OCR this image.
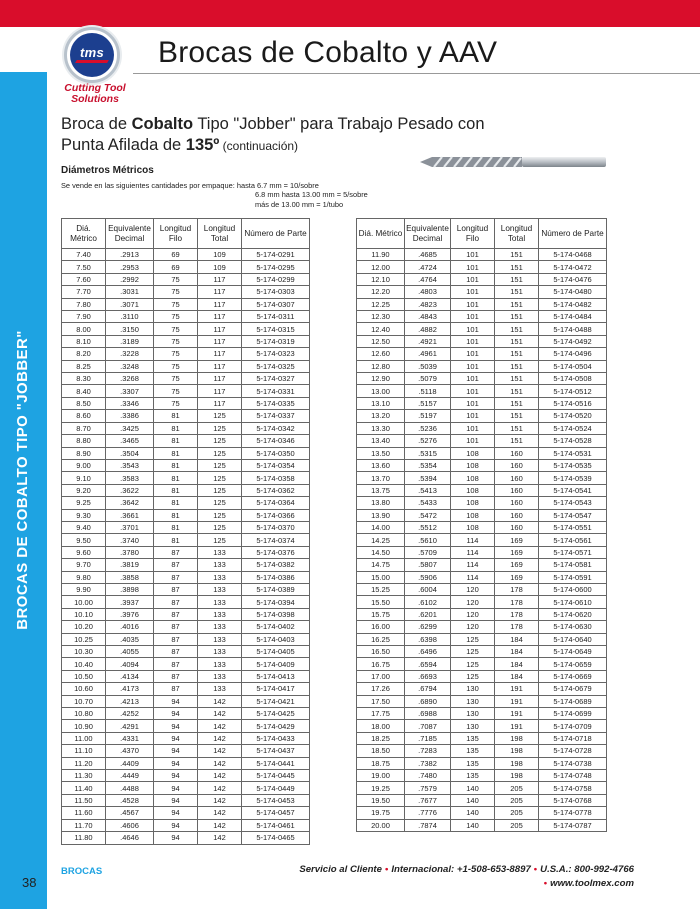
BROCAS DE COBALTO TIPO "JOBBER"
tms
Cutting Tool Solutions
Brocas de Cobalto y AAV
Broca de Cobalto Tipo "Jobber" para Trabajo Pesado con Punta Afilada de 135º (continuación)
Diámetros Métricos
Se vende en las siguientes cantidades por empaque: hasta 6.7 mm = 10/sobre
6.8 mm hasta 13.00 mm = 5/sobre
más de 13.00 mm = 1/tubo
Diá. Métrico	Equivalente Decimal	Longitud Filo	Longitud Total	Número de Parte
7.40	.2913	69	109	5-174-0291
7.50	.2953	69	109	5-174-0295
7.60	.2992	75	117	5-174-0299
7.70	.3031	75	117	5-174-0303
7.80	.3071	75	117	5-174-0307
7.90	.3110	75	117	5-174-0311
8.00	.3150	75	117	5-174-0315
8.10	.3189	75	117	5-174-0319
8.20	.3228	75	117	5-174-0323
8.25	.3248	75	117	5-174-0325
8.30	.3268	75	117	5-174-0327
8.40	.3307	75	117	5-174-0331
8.50	.3346	75	117	5-174-0335
8.60	.3386	81	125	5-174-0337
8.70	.3425	81	125	5-174-0342
8.80	.3465	81	125	5-174-0346
8.90	.3504	81	125	5-174-0350
9.00	.3543	81	125	5-174-0354
9.10	.3583	81	125	5-174-0358
9.20	.3622	81	125	5-174-0362
9.25	.3642	81	125	5-174-0364
9.30	.3661	81	125	5-174-0366
9.40	.3701	81	125	5-174-0370
9.50	.3740	81	125	5-174-0374
9.60	.3780	87	133	5-174-0376
9.70	.3819	87	133	5-174-0382
9.80	.3858	87	133	5-174-0386
9.90	.3898	87	133	5-174-0389
10.00	.3937	87	133	5-174-0394
10.10	.3976	87	133	5-174-0398
10.20	.4016	87	133	5-174-0402
10.25	.4035	87	133	5-174-0403
10.30	.4055	87	133	5-174-0405
10.40	.4094	87	133	5-174-0409
10.50	.4134	87	133	5-174-0413
10.60	.4173	87	133	5-174-0417
10.70	.4213	94	142	5-174-0421
10.80	.4252	94	142	5-174-0425
10.90	.4291	94	142	5-174-0429
11.00	.4331	94	142	5-174-0433
11.10	.4370	94	142	5-174-0437
11.20	.4409	94	142	5-174-0441
11.30	.4449	94	142	5-174-0445
11.40	.4488	94	142	5-174-0449
11.50	.4528	94	142	5-174-0453
11.60	.4567	94	142	5-174-0457
11.70	.4606	94	142	5-174-0461
11.80	.4646	94	142	5-174-0465
Diá. Métrico	Equivalente Decimal	Longitud Filo	Longitud Total	Número de Parte
11.90	.4685	101	151	5-174-0468
12.00	.4724	101	151	5-174-0472
12.10	.4764	101	151	5-174-0476
12.20	.4803	101	151	5-174-0480
12.25	.4823	101	151	5-174-0482
12.30	.4843	101	151	5-174-0484
12.40	.4882	101	151	5-174-0488
12.50	.4921	101	151	5-174-0492
12.60	.4961	101	151	5-174-0496
12.80	.5039	101	151	5-174-0504
12.90	.5079	101	151	5-174-0508
13.00	.5118	101	151	5-174-0512
13.10	.5157	101	151	5-174-0516
13.20	.5197	101	151	5-174-0520
13.30	.5236	101	151	5-174-0524
13.40	.5276	101	151	5-174-0528
13.50	.5315	108	160	5-174-0531
13.60	.5354	108	160	5-174-0535
13.70	.5394	108	160	5-174-0539
13.75	.5413	108	160	5-174-0541
13.80	.5433	108	160	5-174-0543
13.90	.5472	108	160	5-174-0547
14.00	.5512	108	160	5-174-0551
14.25	.5610	114	169	5-174-0561
14.50	.5709	114	169	5-174-0571
14.75	.5807	114	169	5-174-0581
15.00	.5906	114	169	5-174-0591
15.25	.6004	120	178	5-174-0600
15.50	.6102	120	178	5-174-0610
15.75	.6201	120	178	5-174-0620
16.00	.6299	120	178	5-174-0630
16.25	.6398	125	184	5-174-0640
16.50	.6496	125	184	5-174-0649
16.75	.6594	125	184	5-174-0659
17.00	.6693	125	184	5-174-0669
17.26	.6794	130	191	5-174-0679
17.50	.6890	130	191	5-174-0689
17.75	.6988	130	191	5-174-0699
18.00	.7087	130	191	5-174-0709
18.25	.7185	135	198	5-174-0718
18.50	.7283	135	198	5-174-0728
18.75	.7382	135	198	5-174-0738
19.00	.7480	135	198	5-174-0748
19.25	.7579	140	205	5-174-0758
19.50	.7677	140	205	5-174-0768
19.75	.7776	140	205	5-174-0778
20.00	.7874	140	205	5-174-0787
BROCAS
38
Servicio al Cliente • Internacional: +1-508-653-8897 • U.S.A.: 800-992-4766
• www.toolmex.com
